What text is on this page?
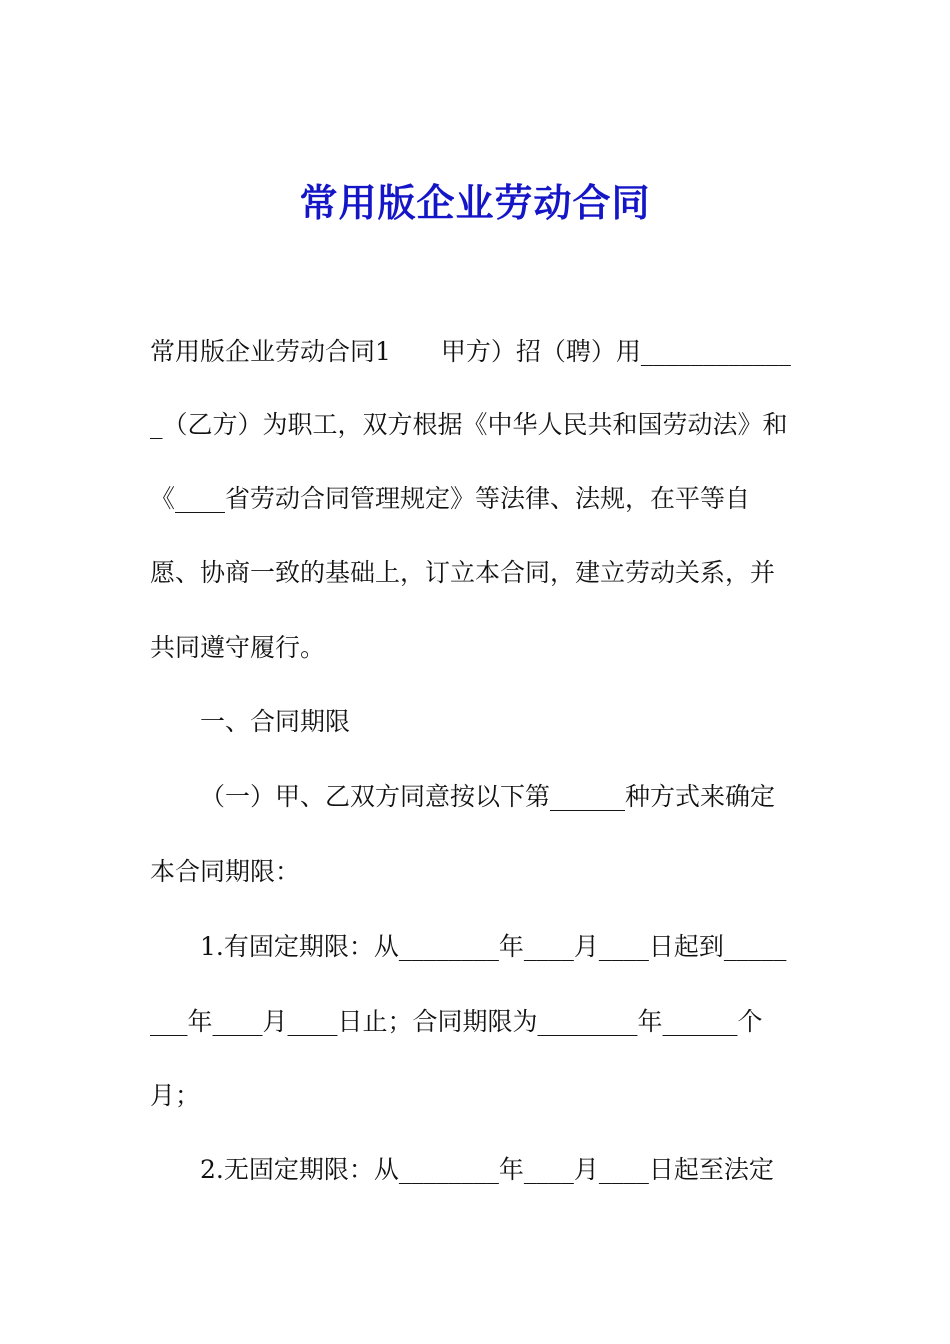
常用版企业劳动合同
常用版企业劳动合同1　　甲方）招（聘）用____________
_（乙方）为职工，双方根据《中华人民共和国劳动法》和
《____省劳动合同管理规定》等法律、法规，在平等自
愿、协商一致的基础上，订立本合同，建立劳动关系，并
共同遵守履行。
一、合同期限
（一）甲、乙双方同意按以下第______种方式来确定
本合同期限：
1.有固定期限：从________年____月____日起到_____
___年____月____日止；合同期限为________年______个
月；
2.无固定期限：从________年____月____日起至法定
